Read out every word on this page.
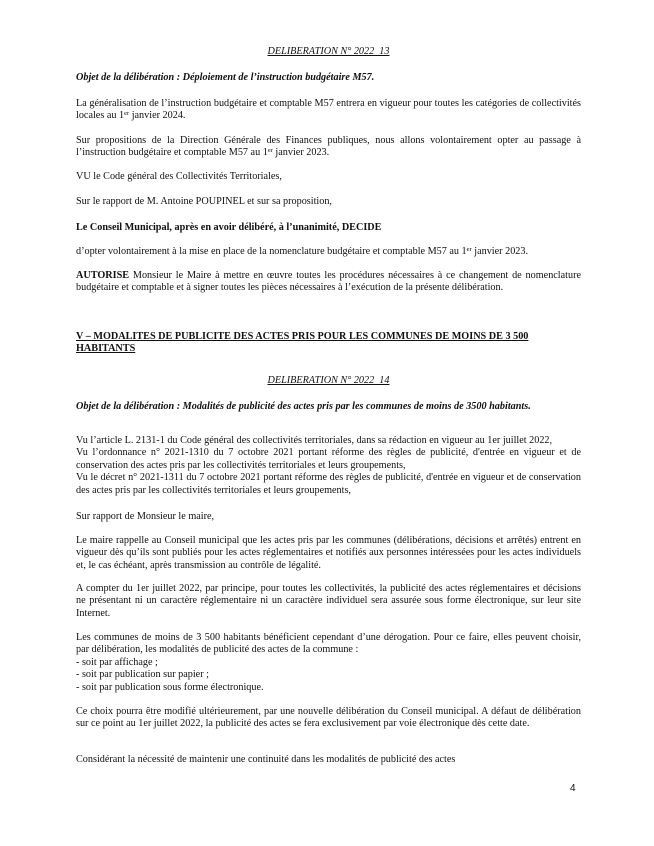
DELIBERATION N° 2022_13

Objet de la délibération : Déploiement de l’instruction budgétaire M57.

La généralisation de l’instruction budgétaire et comptable M57 entrera en vigueur pour toutes les catégories de collectivités locales au 1er janvier 2024.

Sur propositions de la Direction Générale des Finances publiques, nous allons volontairement opter au passage à l’instruction budgétaire et comptable M57 au 1er janvier 2023.

VU le Code général des Collectivités Territoriales,

Sur le rapport de M. Antoine POUPINEL et sur sa proposition,

Le Conseil Municipal, après en avoir délibéré, à l’unanimité, DECIDE

d’opter volontairement à la mise en place de la nomenclature budgétaire et comptable M57 au 1er janvier 2023.

AUTORISE Monsieur le Maire à mettre en œuvre toutes les procédures nécessaires à ce changement de nomenclature budgétaire et comptable et à signer toutes les pièces nécessaires à l’exécution de la présente délibération.

V – MODALITES DE PUBLICITE DES ACTES PRIS POUR LES COMMUNES DE MOINS DE 3 500 HABITANTS

DELIBERATION N° 2022_14

Objet de la délibération : Modalités de publicité des actes pris par les communes de moins de 3500 habitants.

Vu l’article L. 2131-1 du Code général des collectivités territoriales, dans sa rédaction en vigueur au 1er juillet 2022,
Vu l’ordonnance n° 2021-1310 du 7 octobre 2021 portant réforme des règles de publicité, d'entrée en vigueur et de conservation des actes pris par les collectivités territoriales et leurs groupements,
Vu le décret n° 2021-1311 du 7 octobre 2021 portant réforme des règles de publicité, d'entrée en vigueur et de conservation des actes pris par les collectivités territoriales et leurs groupements,

Sur rapport de Monsieur le maire,

Le maire rappelle au Conseil municipal que les actes pris par les communes (délibérations, décisions et arrêtés) entrent en vigueur dès qu’ils sont publiés pour les actes réglementaires et notifiés aux personnes intéressées pour les actes individuels et, le cas échéant, après transmission au contrôle de légalité.

A compter du 1er juillet 2022, par principe, pour toutes les collectivités, la publicité des actes réglementaires et décisions ne présentant ni un caractère réglementaire ni un caractère individuel sera assurée sous forme électronique, sur leur site Internet.

Les communes de moins de 3 500 habitants bénéficient cependant d’une dérogation. Pour ce faire, elles peuvent choisir, par délibération, les modalités de publicité des actes de la commune :

- soit par affichage ;
- soit par publication sur papier ;
- soit par publication sous forme électronique.

Ce choix pourra être modifié ultérieurement, par une nouvelle délibération du Conseil municipal. A défaut de délibération sur ce point au 1er juillet 2022, la publicité des actes se fera exclusivement par voie électronique dès cette date.

Considérant la nécessité de maintenir une continuité dans les modalités de publicité des actes

4
